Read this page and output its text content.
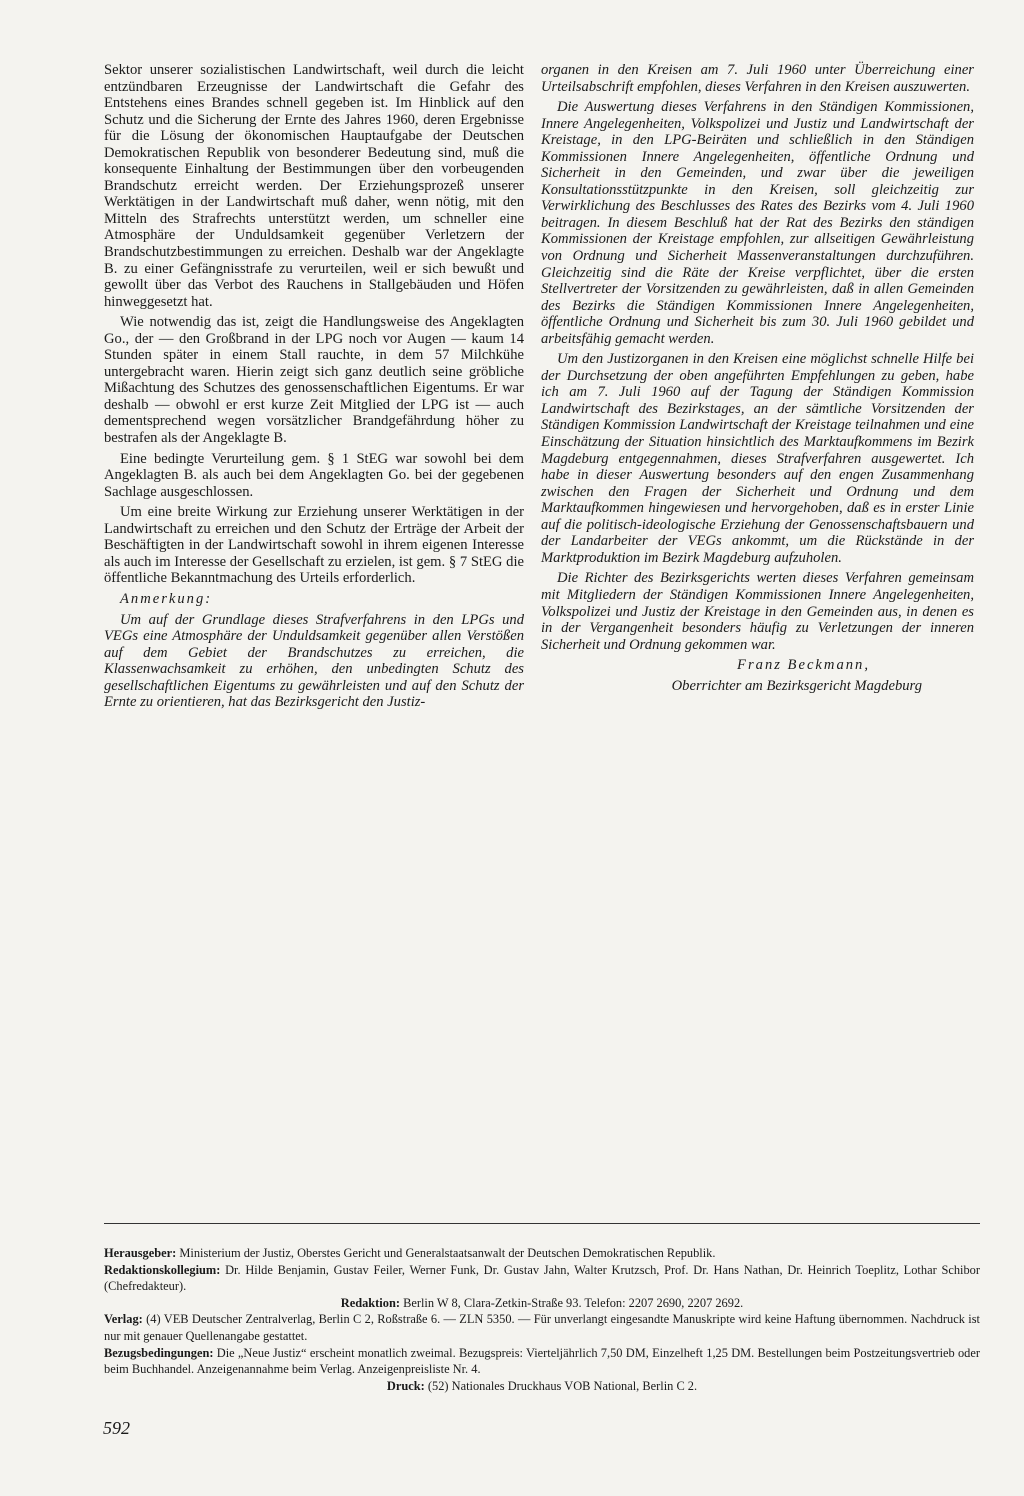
Sektor unserer sozialistischen Landwirtschaft, weil durch die leicht entzündbaren Erzeugnisse der Landwirtschaft die Gefahr des Entstehens eines Brandes schnell gegeben ist. Im Hinblick auf den Schutz und die Sicherung der Ernte des Jahres 1960, deren Ergebnisse für die Lösung der ökonomischen Hauptaufgabe der Deutschen Demokratischen Republik von besonderer Bedeutung sind, muß die konsequente Einhaltung der Bestimmungen über den vorbeugenden Brandschutz erreicht werden. Der Erziehungsprozeß unserer Werktätigen in der Landwirtschaft muß daher, wenn nötig, mit den Mitteln des Strafrechts unterstützt werden, um schneller eine Atmosphäre der Unduldsamkeit gegenüber Verletzern der Brandschutzbestimmungen zu erreichen. Deshalb war der Angeklagte B. zu einer Gefängnisstrafe zu verurteilen, weil er sich bewußt und gewollt über das Verbot des Rauchens in Stallgebäuden und Höfen hinweggesetzt hat.

Wie notwendig das ist, zeigt die Handlungsweise des Angeklagten Go., der — den Großbrand in der LPG noch vor Augen — kaum 14 Stunden später in einem Stall rauchte, in dem 57 Milchkühe untergebracht waren. Hierin zeigt sich ganz deutlich seine gröbliche Mißachtung des Schutzes des genossenschaftlichen Eigentums. Er war deshalb — obwohl er erst kurze Zeit Mitglied der LPG ist — auch dementsprechend wegen vorsätzlicher Brandgefährdung höher zu bestrafen als der Angeklagte B.

Eine bedingte Verurteilung gem. § 1 StEG war sowohl bei dem Angeklagten B. als auch bei dem Angeklagten Go. bei der gegebenen Sachlage ausgeschlossen.

Um eine breite Wirkung zur Erziehung unserer Werktätigen in der Landwirtschaft zu erreichen und den Schutz der Erträge der Arbeit der Beschäftigten in der Landwirtschaft sowohl in ihrem eigenen Interesse als auch im Interesse der Gesellschaft zu erzielen, ist gem. § 7 StEG die öffentliche Bekanntmachung des Urteils erforderlich.

Anmerkung:

Um auf der Grundlage dieses Strafverfahrens in den LPGs und VEGs eine Atmosphäre der Unduldsamkeit gegenüber allen Verstößen auf dem Gebiet der Brandschutzes zu erreichen, die Klassenwachsamkeit zu erhöhen, den unbedingten Schutz des gesellschaftlichen Eigentums zu gewährleisten und auf den Schutz der Ernte zu orientieren, hat das Bezirksgericht den Justiz-

organen in den Kreisen am 7. Juli 1960 unter Überreichung einer Urteilsabschrift empfohlen, dieses Verfahren in den Kreisen auszuwerten.

Die Auswertung dieses Verfahrens in den Ständigen Kommissionen, Innere Angelegenheiten, Volkspolizei und Justiz und Landwirtschaft der Kreistage, in den LPG-Beiräten und schließlich in den Ständigen Kommissionen Innere Angelegenheiten, öffentliche Ordnung und Sicherheit in den Gemeinden, und zwar über die jeweiligen Konsultationsstützpunkte in den Kreisen, soll gleichzeitig zur Verwirklichung des Beschlusses des Rates des Bezirks vom 4. Juli 1960 beitragen. In diesem Beschluß hat der Rat des Bezirks den ständigen Kommissionen der Kreistage empfohlen, zur allseitigen Gewährleistung von Ordnung und Sicherheit Massenveranstaltungen durchzuführen. Gleichzeitig sind die Räte der Kreise verpflichtet, über die ersten Stellvertreter der Vorsitzenden zu gewährleisten, daß in allen Gemeinden des Bezirks die Ständigen Kommissionen Innere Angelegenheiten, öffentliche Ordnung und Sicherheit bis zum 30. Juli 1960 gebildet und arbeitsfähig gemacht werden.

Um den Justizorganen in den Kreisen eine möglichst schnelle Hilfe bei der Durchsetzung der oben angeführten Empfehlungen zu geben, habe ich am 7. Juli 1960 auf der Tagung der Ständigen Kommission Landwirtschaft des Bezirkstages, an der sämtliche Vorsitzenden der Ständigen Kommission Landwirtschaft der Kreistage teilnahmen und eine Einschätzung der Situation hinsichtlich des Marktaufkommens im Bezirk Magdeburg entgegennahmen, dieses Strafverfahren ausgewertet. Ich habe in dieser Auswertung besonders auf den engen Zusammenhang zwischen den Fragen der Sicherheit und Ordnung und dem Marktaufkommen hingewiesen und hervorgehoben, daß es in erster Linie auf die politisch-ideologische Erziehung der Genossenschaftsbauern und der Landarbeiter der VEGs ankommt, um die Rückstände in der Marktproduktion im Bezirk Magdeburg aufzuholen.

Die Richter des Bezirksgerichts werten dieses Verfahren gemeinsam mit Mitgliedern der Ständigen Kommissionen Innere Angelegenheiten, Volkspolizei und Justiz der Kreistage in den Gemeinden aus, in denen es in der Vergangenheit besonders häufig zu Verletzungen der inneren Sicherheit und Ordnung gekommen war.

Franz Beckmann,

Oberrichter am Bezirksgericht Magdeburg

Herausgeber: Ministerium der Justiz, Oberstes Gericht und Generalstaatsanwalt der Deutschen Demokratischen Republik.

Redaktionskollegium: Dr. Hilde Benjamin, Gustav Feiler, Werner Funk, Dr. Gustav Jahn, Walter Krutzsch, Prof. Dr. Hans Nathan, Dr. Heinrich Toeplitz, Lothar Schibor (Chefredakteur).

Redaktion: Berlin W 8, Clara-Zetkin-Straße 93. Telefon: 2207 2690, 2207 2692.

Verlag: (4) VEB Deutscher Zentralverlag, Berlin C 2, Roßstraße 6. — ZLN 5350. — Für unverlangt eingesandte Manuskripte wird keine Haftung übernommen. Nachdruck ist nur mit genauer Quellenangabe gestattet.

Bezugsbedingungen: Die „Neue Justiz“ erscheint monatlich zweimal. Bezugspreis: Vierteljährlich 7,50 DM, Einzelheft 1,25 DM. Bestellungen beim Postzeitungsvertrieb oder beim Buchhandel. Anzeigenannahme beim Verlag. Anzeigenpreisliste Nr. 4.

Druck: (52) Nationales Druckhaus VOB National, Berlin C 2.

592
